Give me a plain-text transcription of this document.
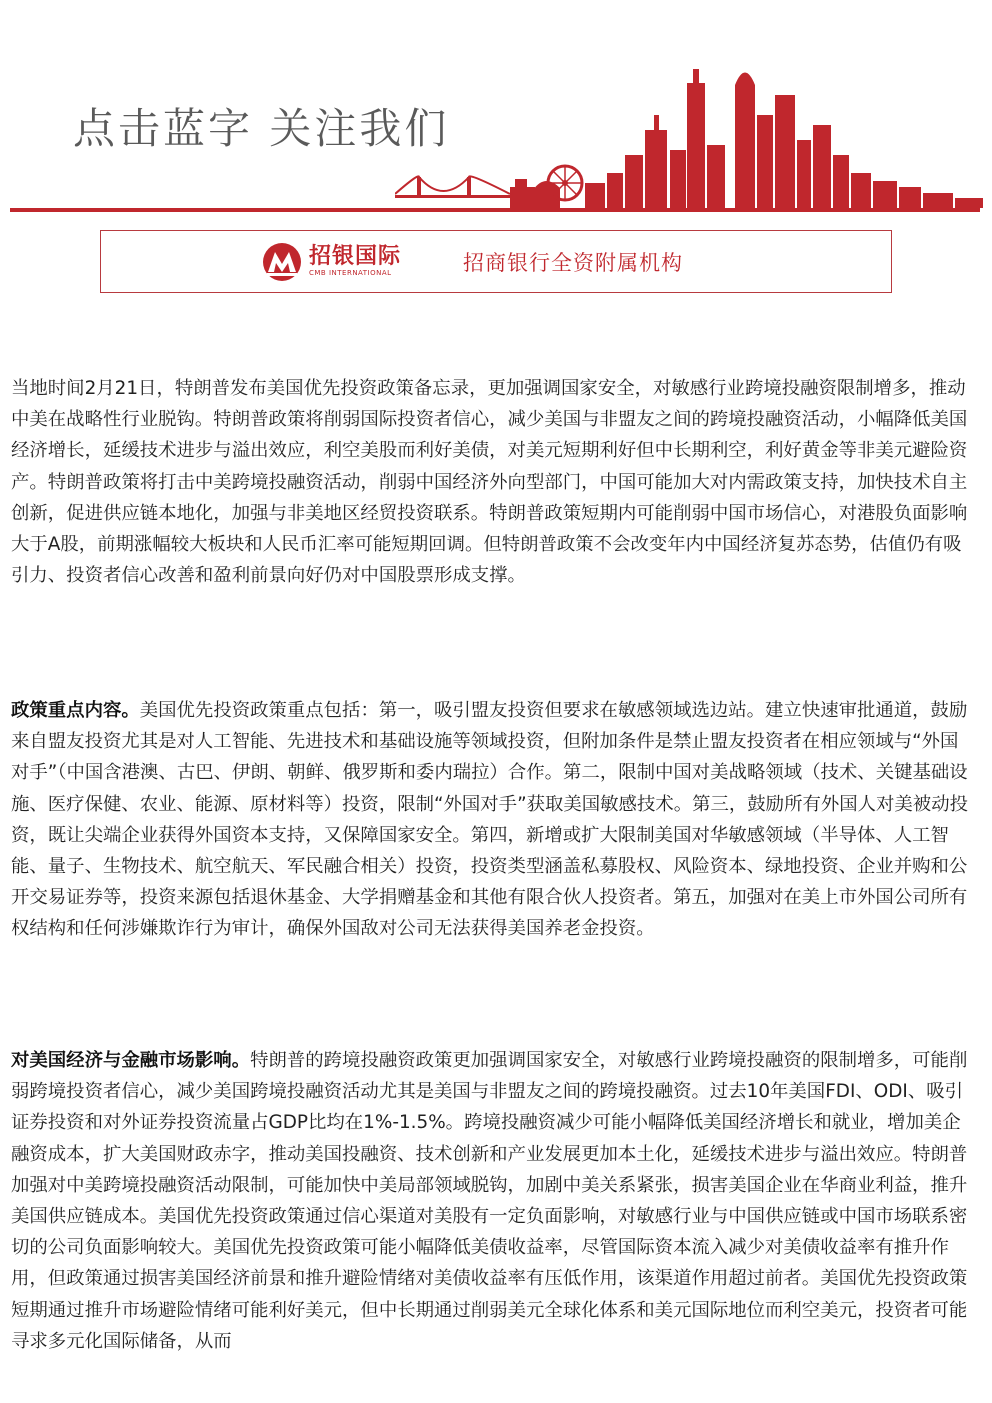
点击蓝字 关注我们
招银国际
CMB INTERNATIONAL	招商银行全资附属机构

当地时间2月21日，特朗普发布美国优先投资政策备忘录，更加强调国家安全，对敏感行业跨境投融资限制增多，推动中美在战略性行业脱钩。特朗普政策将削弱国际投资者信心，减少美国与非盟友之间的跨境投融资活动，小幅降低美国经济增长，延缓技术进步与溢出效应，利空美股而利好美债，对美元短期利好但中长期利空，利好黄金等非美元避险资产。特朗普政策将打击中美跨境投融资活动，削弱中国经济外向型部门，中国可能加大对内需政策支持，加快技术自主创新，促进供应链本地化，加强与非美地区经贸投资联系。特朗普政策短期内可能削弱中国市场信心，对港股负面影响大于A股，前期涨幅较大板块和人民币汇率可能短期回调。但特朗普政策不会改变年内中国经济复苏态势，估值仍有吸引力、投资者信心改善和盈利前景向好仍对中国股票形成支撑。

政策重点内容。美国优先投资政策重点包括：第一，吸引盟友投资但要求在敏感领域选边站。建立快速审批通道，鼓励来自盟友投资尤其是对人工智能、先进技术和基础设施等领域投资，但附加条件是禁止盟友投资者在相应领域与“外国对手”（中国含港澳、古巴、伊朗、朝鲜、俄罗斯和委内瑞拉）合作。第二，限制中国对美战略领域（技术、关键基础设施、医疗保健、农业、能源、原材料等）投资，限制“外国对手”获取美国敏感技术。第三，鼓励所有外国人对美被动投资，既让尖端企业获得外国资本支持，又保障国家安全。第四，新增或扩大限制美国对华敏感领域（半导体、人工智能、量子、生物技术、航空航天、军民融合相关）投资，投资类型涵盖私募股权、风险资本、绿地投资、企业并购和公开交易证券等，投资来源包括退休基金、大学捐赠基金和其他有限合伙人投资者。第五，加强对在美上市外国公司所有权结构和任何涉嫌欺诈行为审计，确保外国敌对公司无法获得美国养老金投资。

对美国经济与金融市场影响。特朗普的跨境投融资政策更加强调国家安全，对敏感行业跨境投融资的限制增多，可能削弱跨境投资者信心，减少美国跨境投融资活动尤其是美国与非盟友之间的跨境投融资。过去10年美国FDI、ODI、吸引证券投资和对外证券投资流量占GDP比均在1%-1.5%。跨境投融资减少可能小幅降低美国经济增长和就业，增加美企融资成本，扩大美国财政赤字，推动美国投融资、技术创新和产业发展更加本土化，延缓技术进步与溢出效应。特朗普加强对中美跨境投融资活动限制，可能加快中美局部领域脱钩，加剧中美关系紧张，损害美国企业在华商业利益，推升美国供应链成本。美国优先投资政策通过信心渠道对美股有一定负面影响，对敏感行业与中国供应链或中国市场联系密切的公司负面影响较大。美国优先投资政策可能小幅降低美债收益率，尽管国际资本流入减少对美债收益率有推升作用，但政策通过损害美国经济前景和推升避险情绪对美债收益率有压低作用，该渠道作用超过前者。美国优先投资政策短期通过推升市场避险情绪可能利好美元，但中长期通过削弱美元全球化体系和美元国际地位而利空美元，投资者可能寻求多元化国际储备，从而
